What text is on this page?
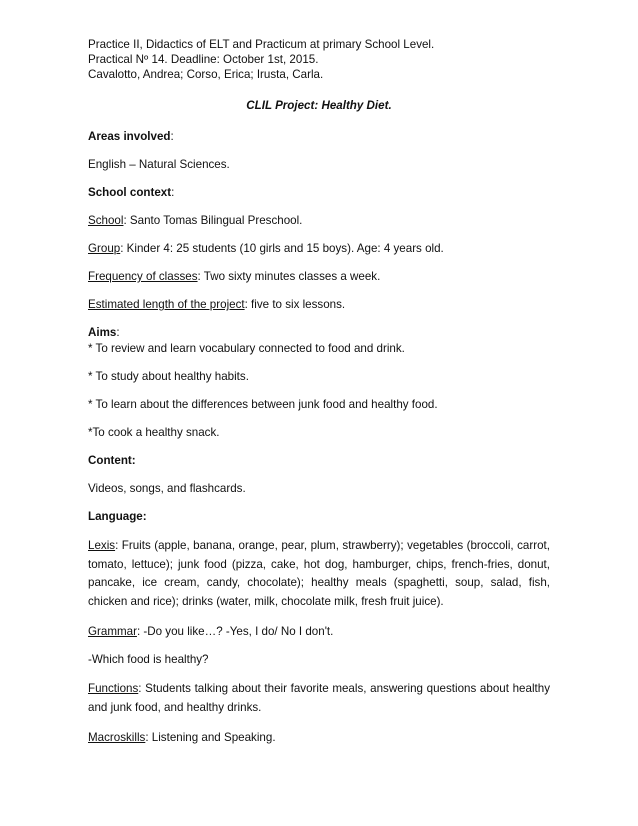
Practice II, Didactics of ELT and Practicum at primary School Level.

Practical Nº 14. Deadline: October 1st, 2015.

Cavalotto, Andrea; Corso, Erica; Irusta, Carla.

CLIL Project: Healthy Diet.

Areas involved:

English – Natural Sciences.

School context:

School: Santo Tomas Bilingual Preschool.

Group: Kinder 4: 25 students (10 girls and 15 boys). Age: 4 years old.

Frequency of classes: Two sixty minutes classes a week.

Estimated length of the project: five to six lessons.

Aims:

* To review and learn vocabulary connected to food and drink.

* To study about healthy habits.

* To learn about the differences between junk food and healthy food.

*To cook a healthy snack.

Content:

Videos, songs, and flashcards.

Language:

Lexis: Fruits (apple, banana, orange, pear, plum, strawberry); vegetables (broccoli, carrot, tomato, lettuce); junk food (pizza, cake, hot dog, hamburger, chips, french-fries, donut, pancake, ice cream, candy, chocolate); healthy meals (spaghetti, soup, salad, fish, chicken and rice); drinks (water, milk, chocolate milk, fresh fruit juice).

Grammar: -Do you like…? -Yes, I do/ No I don't.

-Which food is healthy?

Functions: Students talking about their favorite meals, answering questions about healthy and junk food, and healthy drinks.

Macroskills: Listening and Speaking.
